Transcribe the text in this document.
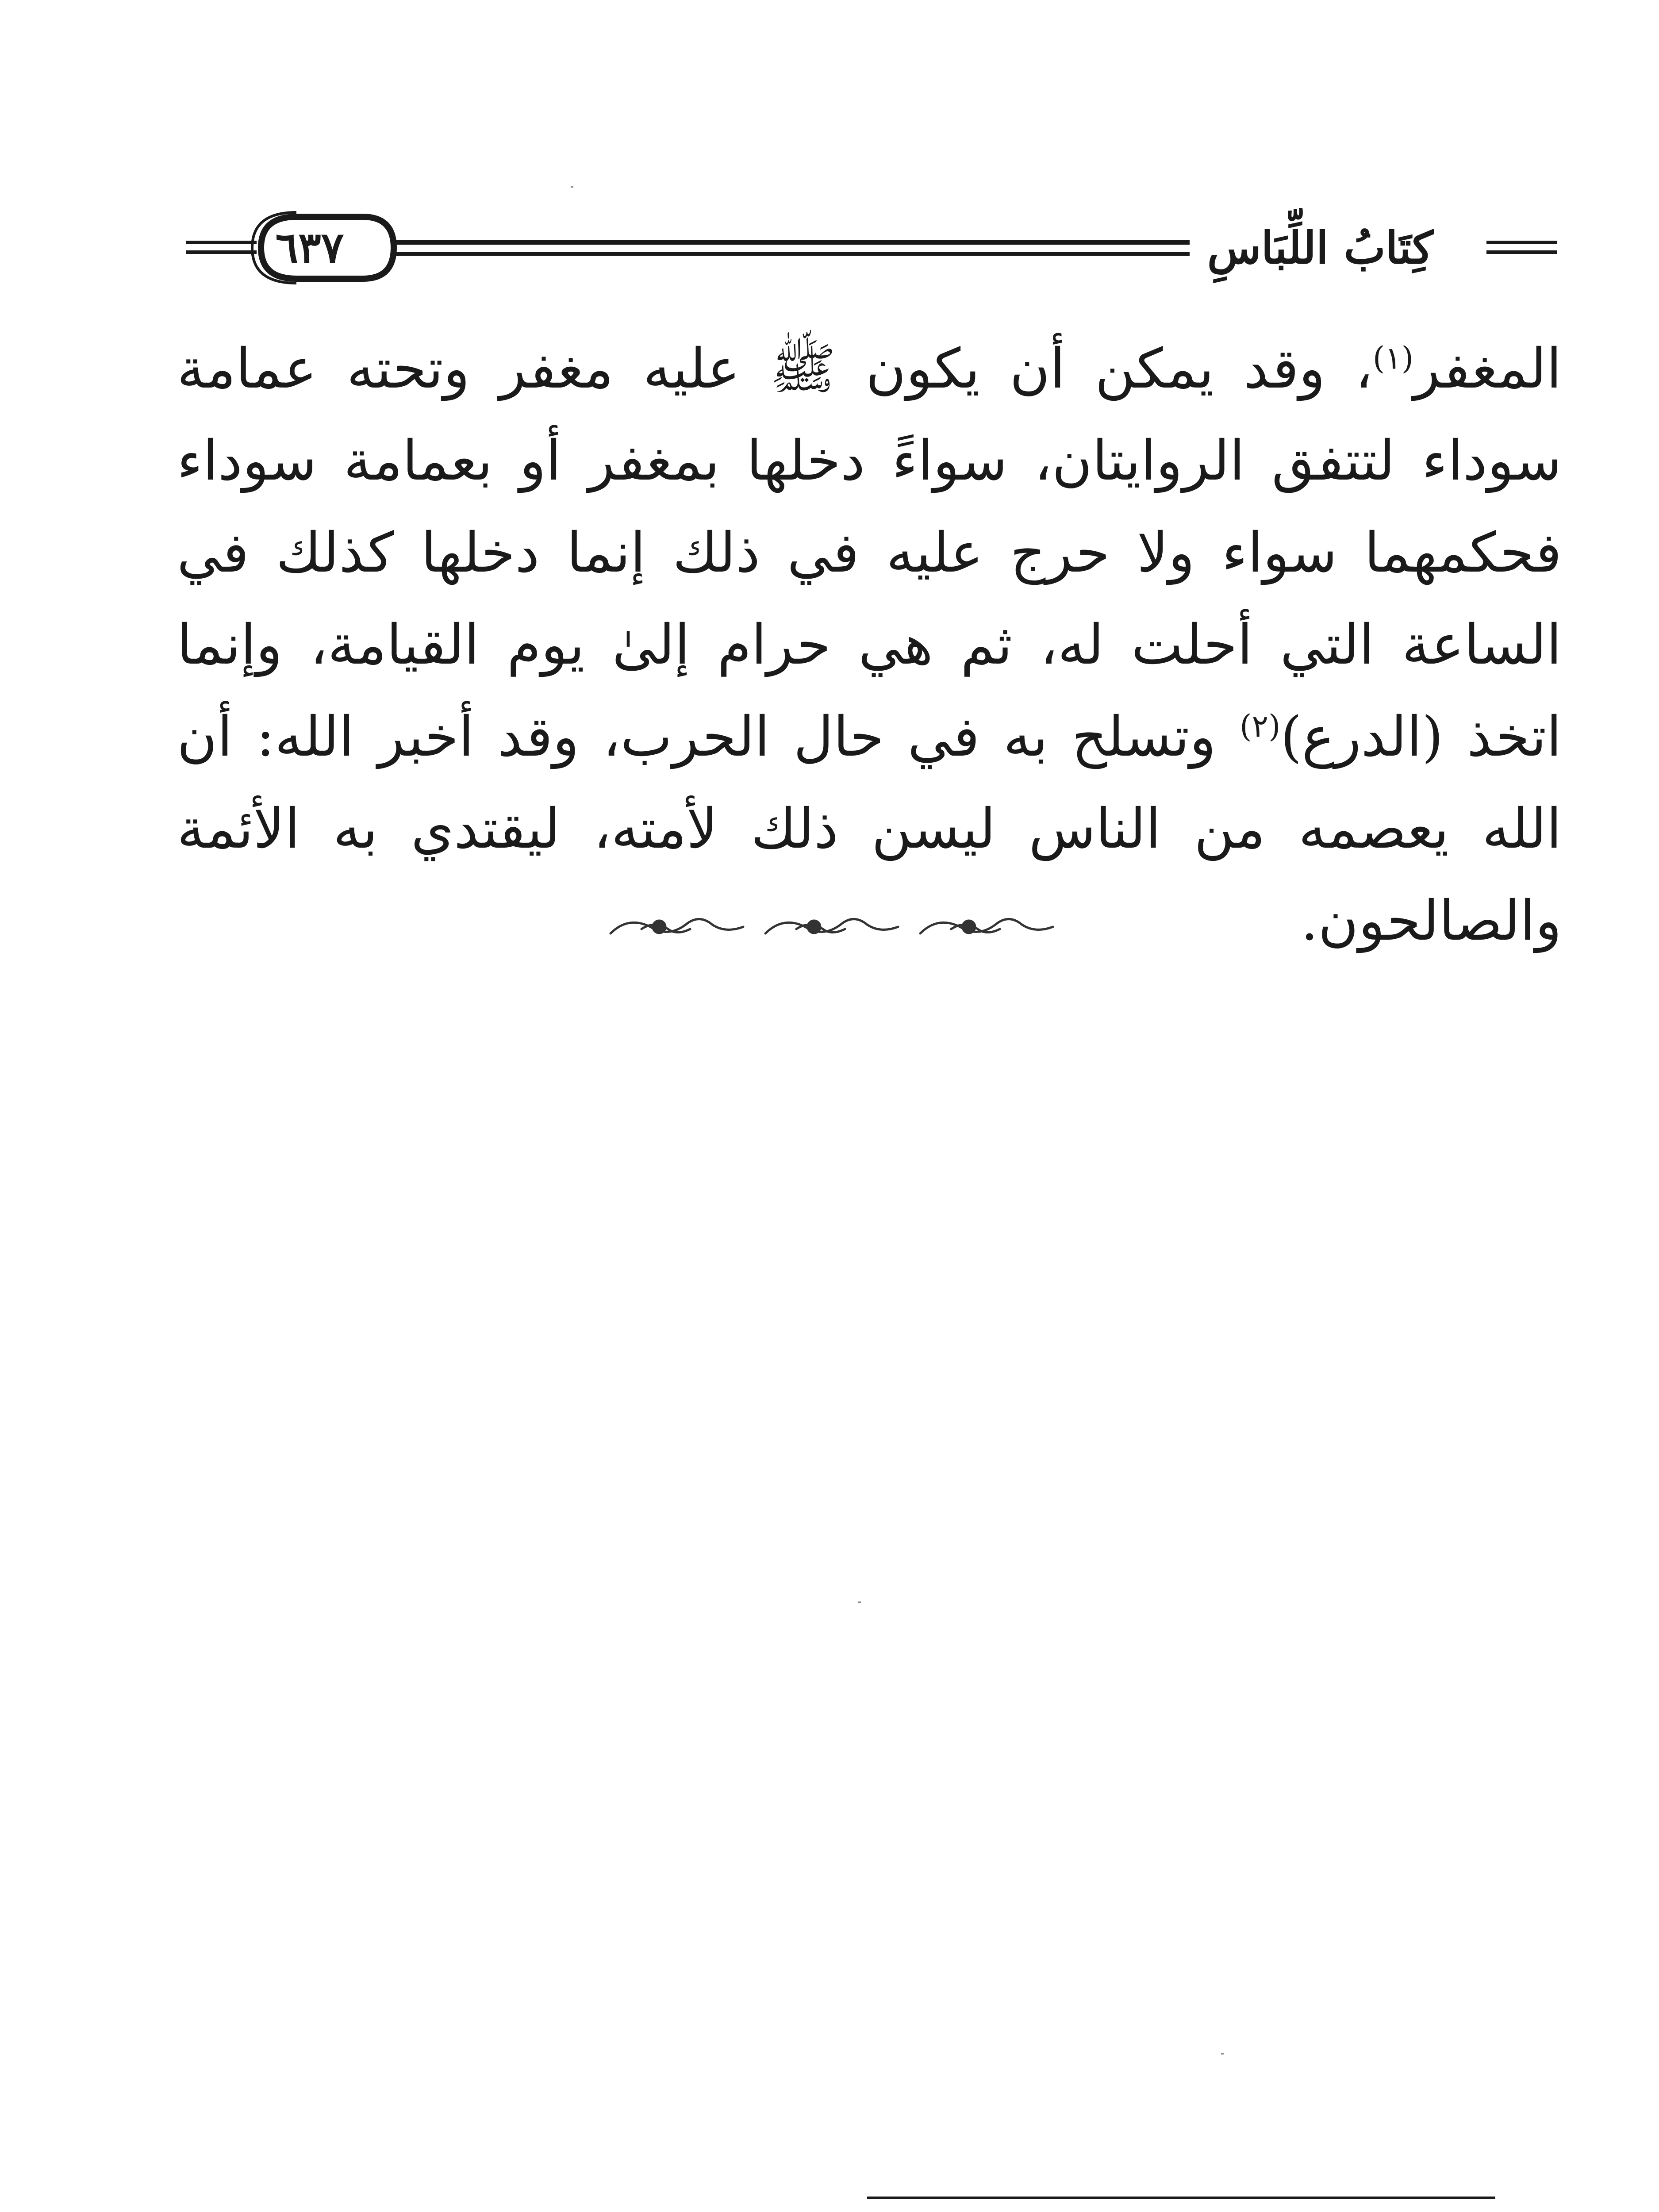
٦٣٧	كِتَابُ اللِّبَاسِ

المغفر$^{(١)}$، وقد يمكن أن يكون ﷺ عليه مغفر وتحته عمامة سوداء لتتفق الروايتان، سواءً دخلها بمغفر أو بعمامة سوداء فحكمهما سواء ولا حرج عليه في ذلك إنما دخلها كذلك في الساعة التي أحلت له، ثم هي حرام إلىٰ يوم القيامة، وإنما اتخذ (الدرع)$^{(٢)}$ وتسلح به في حال الحرب، وقد أخبر الله: أن الله يعصمه من الناس ليسن ذلك لأمته، ليقتدي به الأئمة والصالحون.
